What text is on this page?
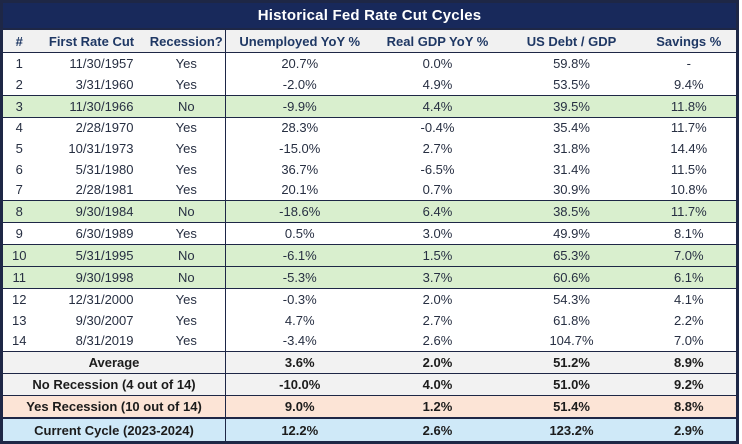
Historical Fed Rate Cut Cycles						
#	First Rate Cut	Recession?	Unemployed YoY %	Real GDP YoY %	US Debt / GDP	Savings %
1	11/30/1957	Yes	20.7%	0.0%	59.8%	-
2	3/31/1960	Yes	-2.0%	4.9%	53.5%	9.4%
3	11/30/1966	No	-9.9%	4.4%	39.5%	11.8%
4	2/28/1970	Yes	28.3%	-0.4%	35.4%	11.7%
5	10/31/1973	Yes	-15.0%	2.7%	31.8%	14.4%
6	5/31/1980	Yes	36.7%	-6.5%	31.4%	11.5%
7	2/28/1981	Yes	20.1%	0.7%	30.9%	10.8%
8	9/30/1984	No	-18.6%	6.4%	38.5%	11.7%
9	6/30/1989	Yes	0.5%	3.0%	49.9%	8.1%
10	5/31/1995	No	-6.1%	1.5%	65.3%	7.0%
11	9/30/1998	No	-5.3%	3.7%	60.6%	6.1%
12	12/31/2000	Yes	-0.3%	2.0%	54.3%	4.1%
13	9/30/2007	Yes	4.7%	2.7%	61.8%	2.2%
14	8/31/2019	Yes	-3.4%	2.6%	104.7%	7.0%
Average			3.6%	2.0%	51.2%	8.9%
No Recession (4 out of 14)			-10.0%	4.0%	51.0%	9.2%
Yes Recession (10 out of 14)			9.0%	1.2%	51.4%	8.8%
Current Cycle (2023-2024)			12.2%	2.6%	123.2%	2.9%
